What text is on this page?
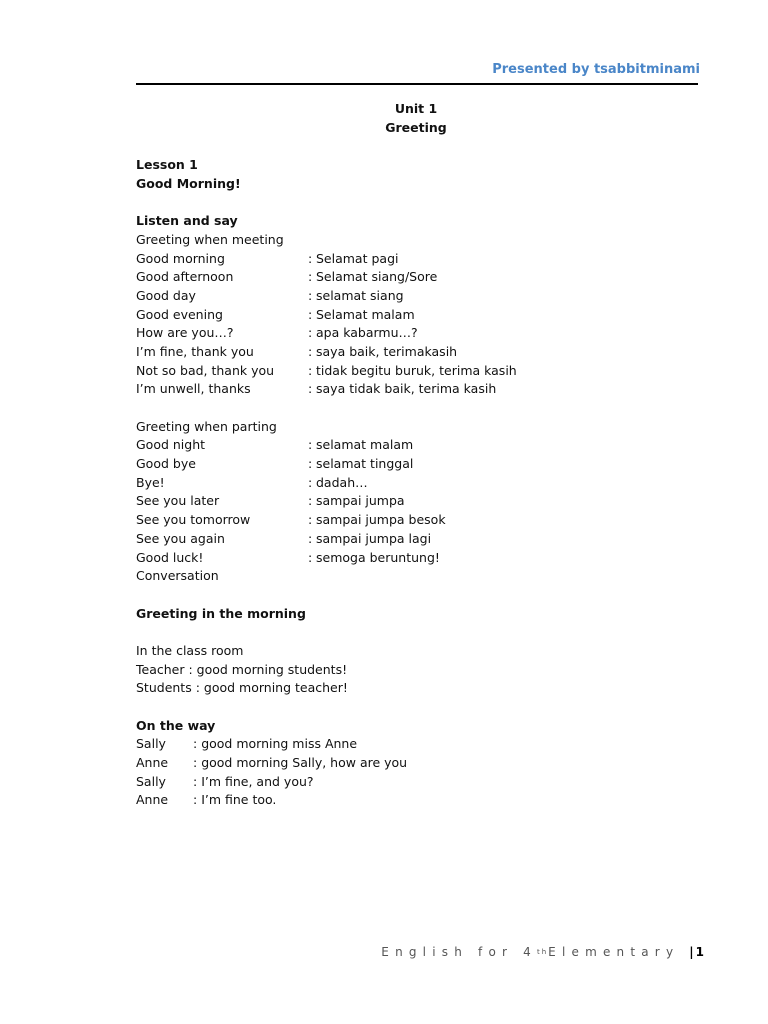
Presented by tsabbitminami
Unit 1
Greeting
Lesson 1
Good Morning!
Listen and say
Greeting when meeting
Good morning	: Selamat pagi
Good afternoon	: Selamat siang/Sore
Good day	: selamat siang
Good evening	: Selamat malam
How are you…?	: apa kabarmu…?
I’m fine, thank you	: saya baik, terimakasih
Not so bad, thank you	: tidak begitu buruk, terima kasih
I’m unwell, thanks	: saya tidak baik, terima kasih
Greeting when parting
Good night	: selamat malam
Good bye	: selamat tinggal
Bye!	: dadah…
See you later	: sampai jumpa
See you tomorrow	: sampai jumpa besok
See you again	: sampai jumpa lagi
Good luck!	: semoga beruntung!
Conversation
Greeting in the morning
In the class room
Teacher : good morning students!
Students : good morning teacher!
On the way
Sally	: good morning miss Anne
Anne	: good morning Sally, how are you
Sally	: I’m fine, and you?
Anne	: I’m fine too.
English for 4 th Elementary | 1
